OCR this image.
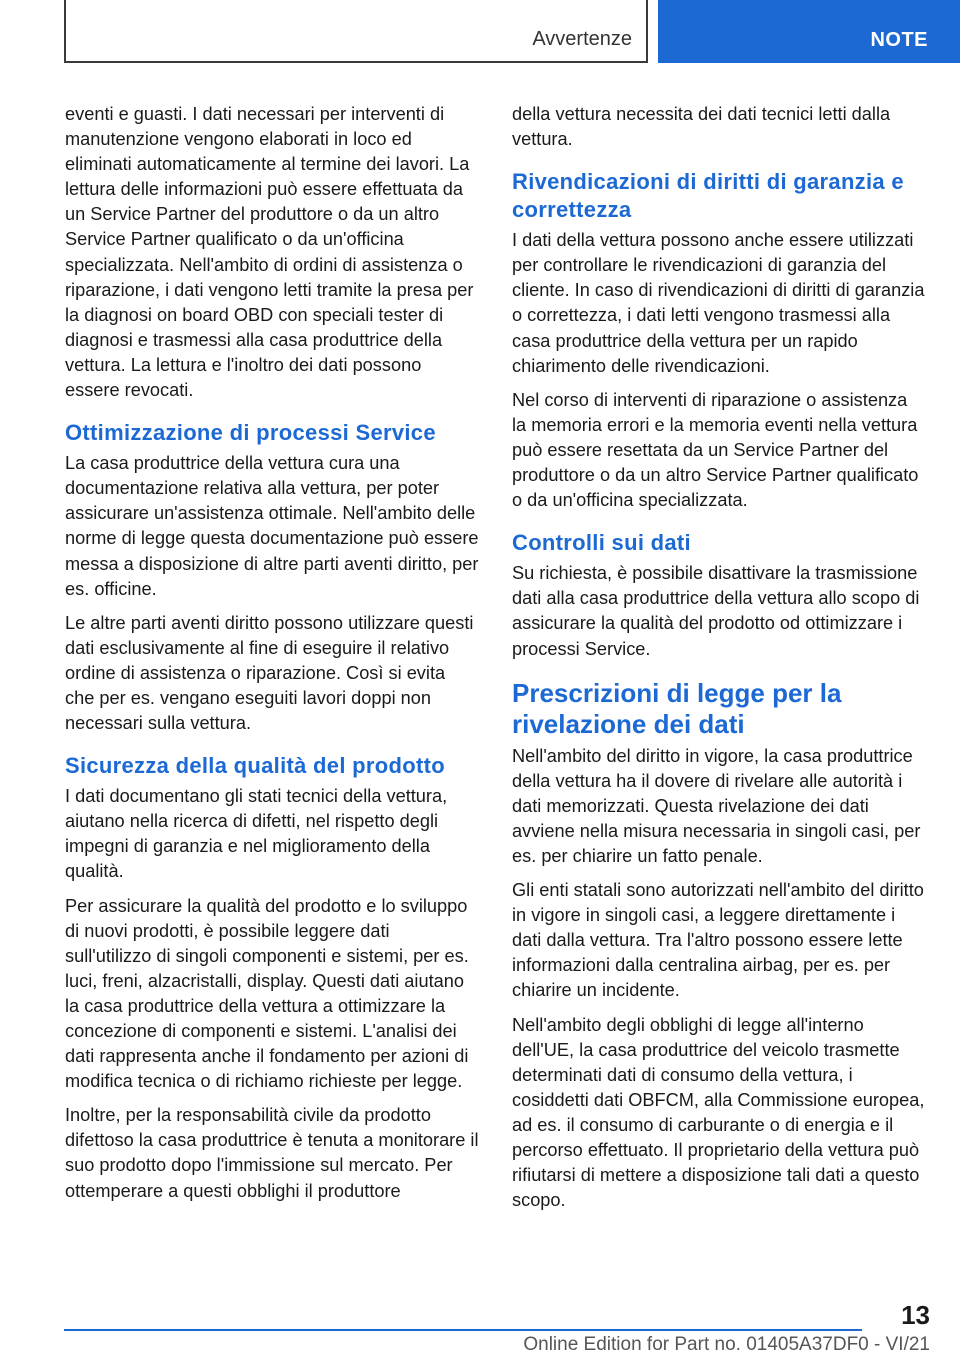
Avvertenze	NOTE

eventi e guasti. I dati necessari per interventi di manutenzione vengono elaborati in loco ed eliminati automaticamente al termine dei lavori. La lettura delle informazioni può essere effettuata da un Service Partner del produttore o da un altro Service Partner qualificato o da un'officina specializzata. Nell'ambito di ordini di assistenza o riparazione, i dati vengono letti tramite la presa per la diagnosi on board OBD con speciali tester di diagnosi e trasmessi alla casa produttrice della vettura. La lettura e l'inoltro dei dati possono essere revocati.

Ottimizzazione di processi Service

La casa produttrice della vettura cura una documentazione relativa alla vettura, per poter assicurare un'assistenza ottimale. Nell'ambito delle norme di legge questa documentazione può essere messa a disposizione di altre parti aventi diritto, per es. officine.

Le altre parti aventi diritto possono utilizzare questi dati esclusivamente al fine di eseguire il relativo ordine di assistenza o riparazione. Così si evita che per es. vengano eseguiti lavori doppi non necessari sulla vettura.

Sicurezza della qualità del prodotto

I dati documentano gli stati tecnici della vettura, aiutano nella ricerca di difetti, nel rispetto degli impegni di garanzia e nel miglioramento della qualità.

Per assicurare la qualità del prodotto e lo sviluppo di nuovi prodotti, è possibile leggere dati sull'utilizzo di singoli componenti e sistemi, per es. luci, freni, alzacristalli, display. Questi dati aiutano la casa produttrice della vettura a ottimizzare la concezione di componenti e sistemi. L'analisi dei dati rappresenta anche il fondamento per azioni di modifica tecnica o di richiamo richieste per legge.

Inoltre, per la responsabilità civile da prodotto difettoso la casa produttrice è tenuta a monitorare il suo prodotto dopo l'immissione sul mercato. Per ottemperare a questi obblighi il produttore

della vettura necessita dei dati tecnici letti dalla vettura.

Rivendicazioni di diritti di garanzia e correttezza

I dati della vettura possono anche essere utilizzati per controllare le rivendicazioni di garanzia del cliente. In caso di rivendicazioni di diritti di garanzia o correttezza, i dati letti vengono trasmessi alla casa produttrice della vettura per un rapido chiarimento delle rivendicazioni.

Nel corso di interventi di riparazione o assistenza la memoria errori e la memoria eventi nella vettura può essere resettata da un Service Partner del produttore o da un altro Service Partner qualificato o da un'officina specializzata.

Controlli sui dati

Su richiesta, è possibile disattivare la trasmissione dati alla casa produttrice della vettura allo scopo di assicurare la qualità del prodotto od ottimizzare i processi Service.

Prescrizioni di legge per la rivelazione dei dati

Nell'ambito del diritto in vigore, la casa produttrice della vettura ha il dovere di rivelare alle autorità i dati memorizzati. Questa rivelazione dei dati avviene nella misura necessaria in singoli casi, per es. per chiarire un fatto penale.

Gli enti statali sono autorizzati nell'ambito del diritto in vigore in singoli casi, a leggere direttamente i dati dalla vettura. Tra l'altro possono essere lette informazioni dalla centralina airbag, per es. per chiarire un incidente.

Nell'ambito degli obblighi di legge all'interno dell'UE, la casa produttrice del veicolo trasmette determinati dati di consumo della vettura, i cosiddetti dati OBFCM, alla Commissione europea, ad es. il consumo di carburante o di energia e il percorso effettuato. Il proprietario della vettura può rifiutarsi di mettere a disposizione tali dati a questo scopo.

13
Online Edition for Part no. 01405A37DF0 - VI/21
